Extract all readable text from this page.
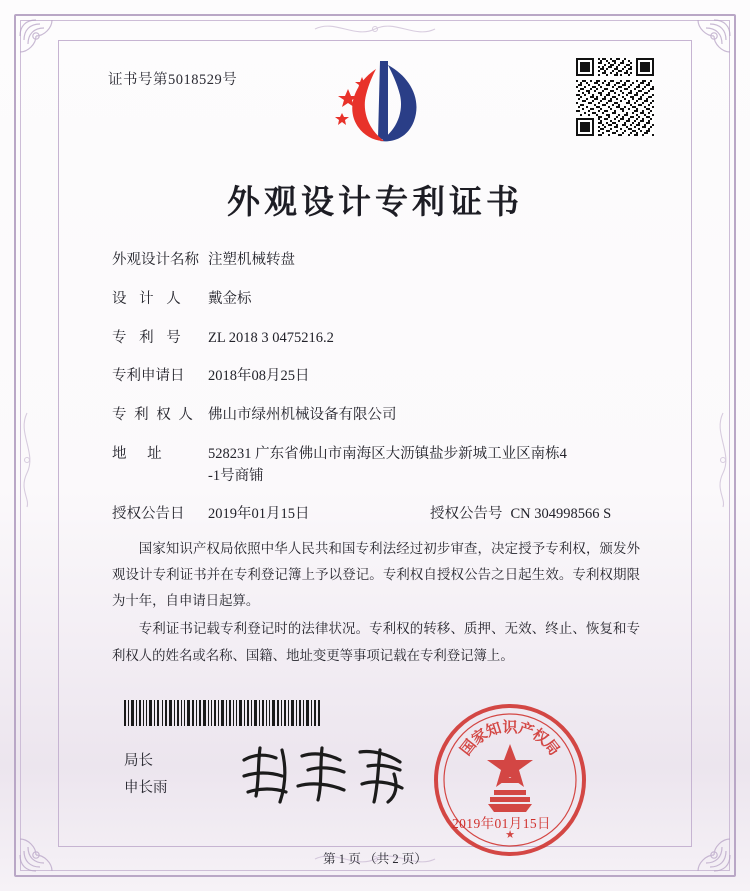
证书号第5018529号
外观设计专利证书
外观设计名称 注塑机械转盘
设 计 人	戴金标
专 利 号	ZL 2018 3 0475216.2
专利申请日	2018年08月25日
专 利 权 人 佛山市绿州机械设备有限公司
地 址	528231 广东省佛山市南海区大沥镇盐步新城工业区南栋4
-1号商铺
授权公告日	2019年01月15日	授权公告号 CN 304998566 S

国家知识产权局依照中华人民共和国专利法经过初步审查，决定授予专利权，颁发外观设计专利证书并在专利登记簿上予以登记。专利权自授权公告之日起生效。专利权期限为十年，自申请日起算。

专利证书记载专利登记时的法律状况。专利权的转移、质押、无效、终止、恢复和专利权人的姓名或名称、国籍、地址变更等事项记载在专利登记簿上。

局长
申长雨
国
家
知
识
产
权
局
★
2019年01月15日
第 1 页 （共 2 页）
